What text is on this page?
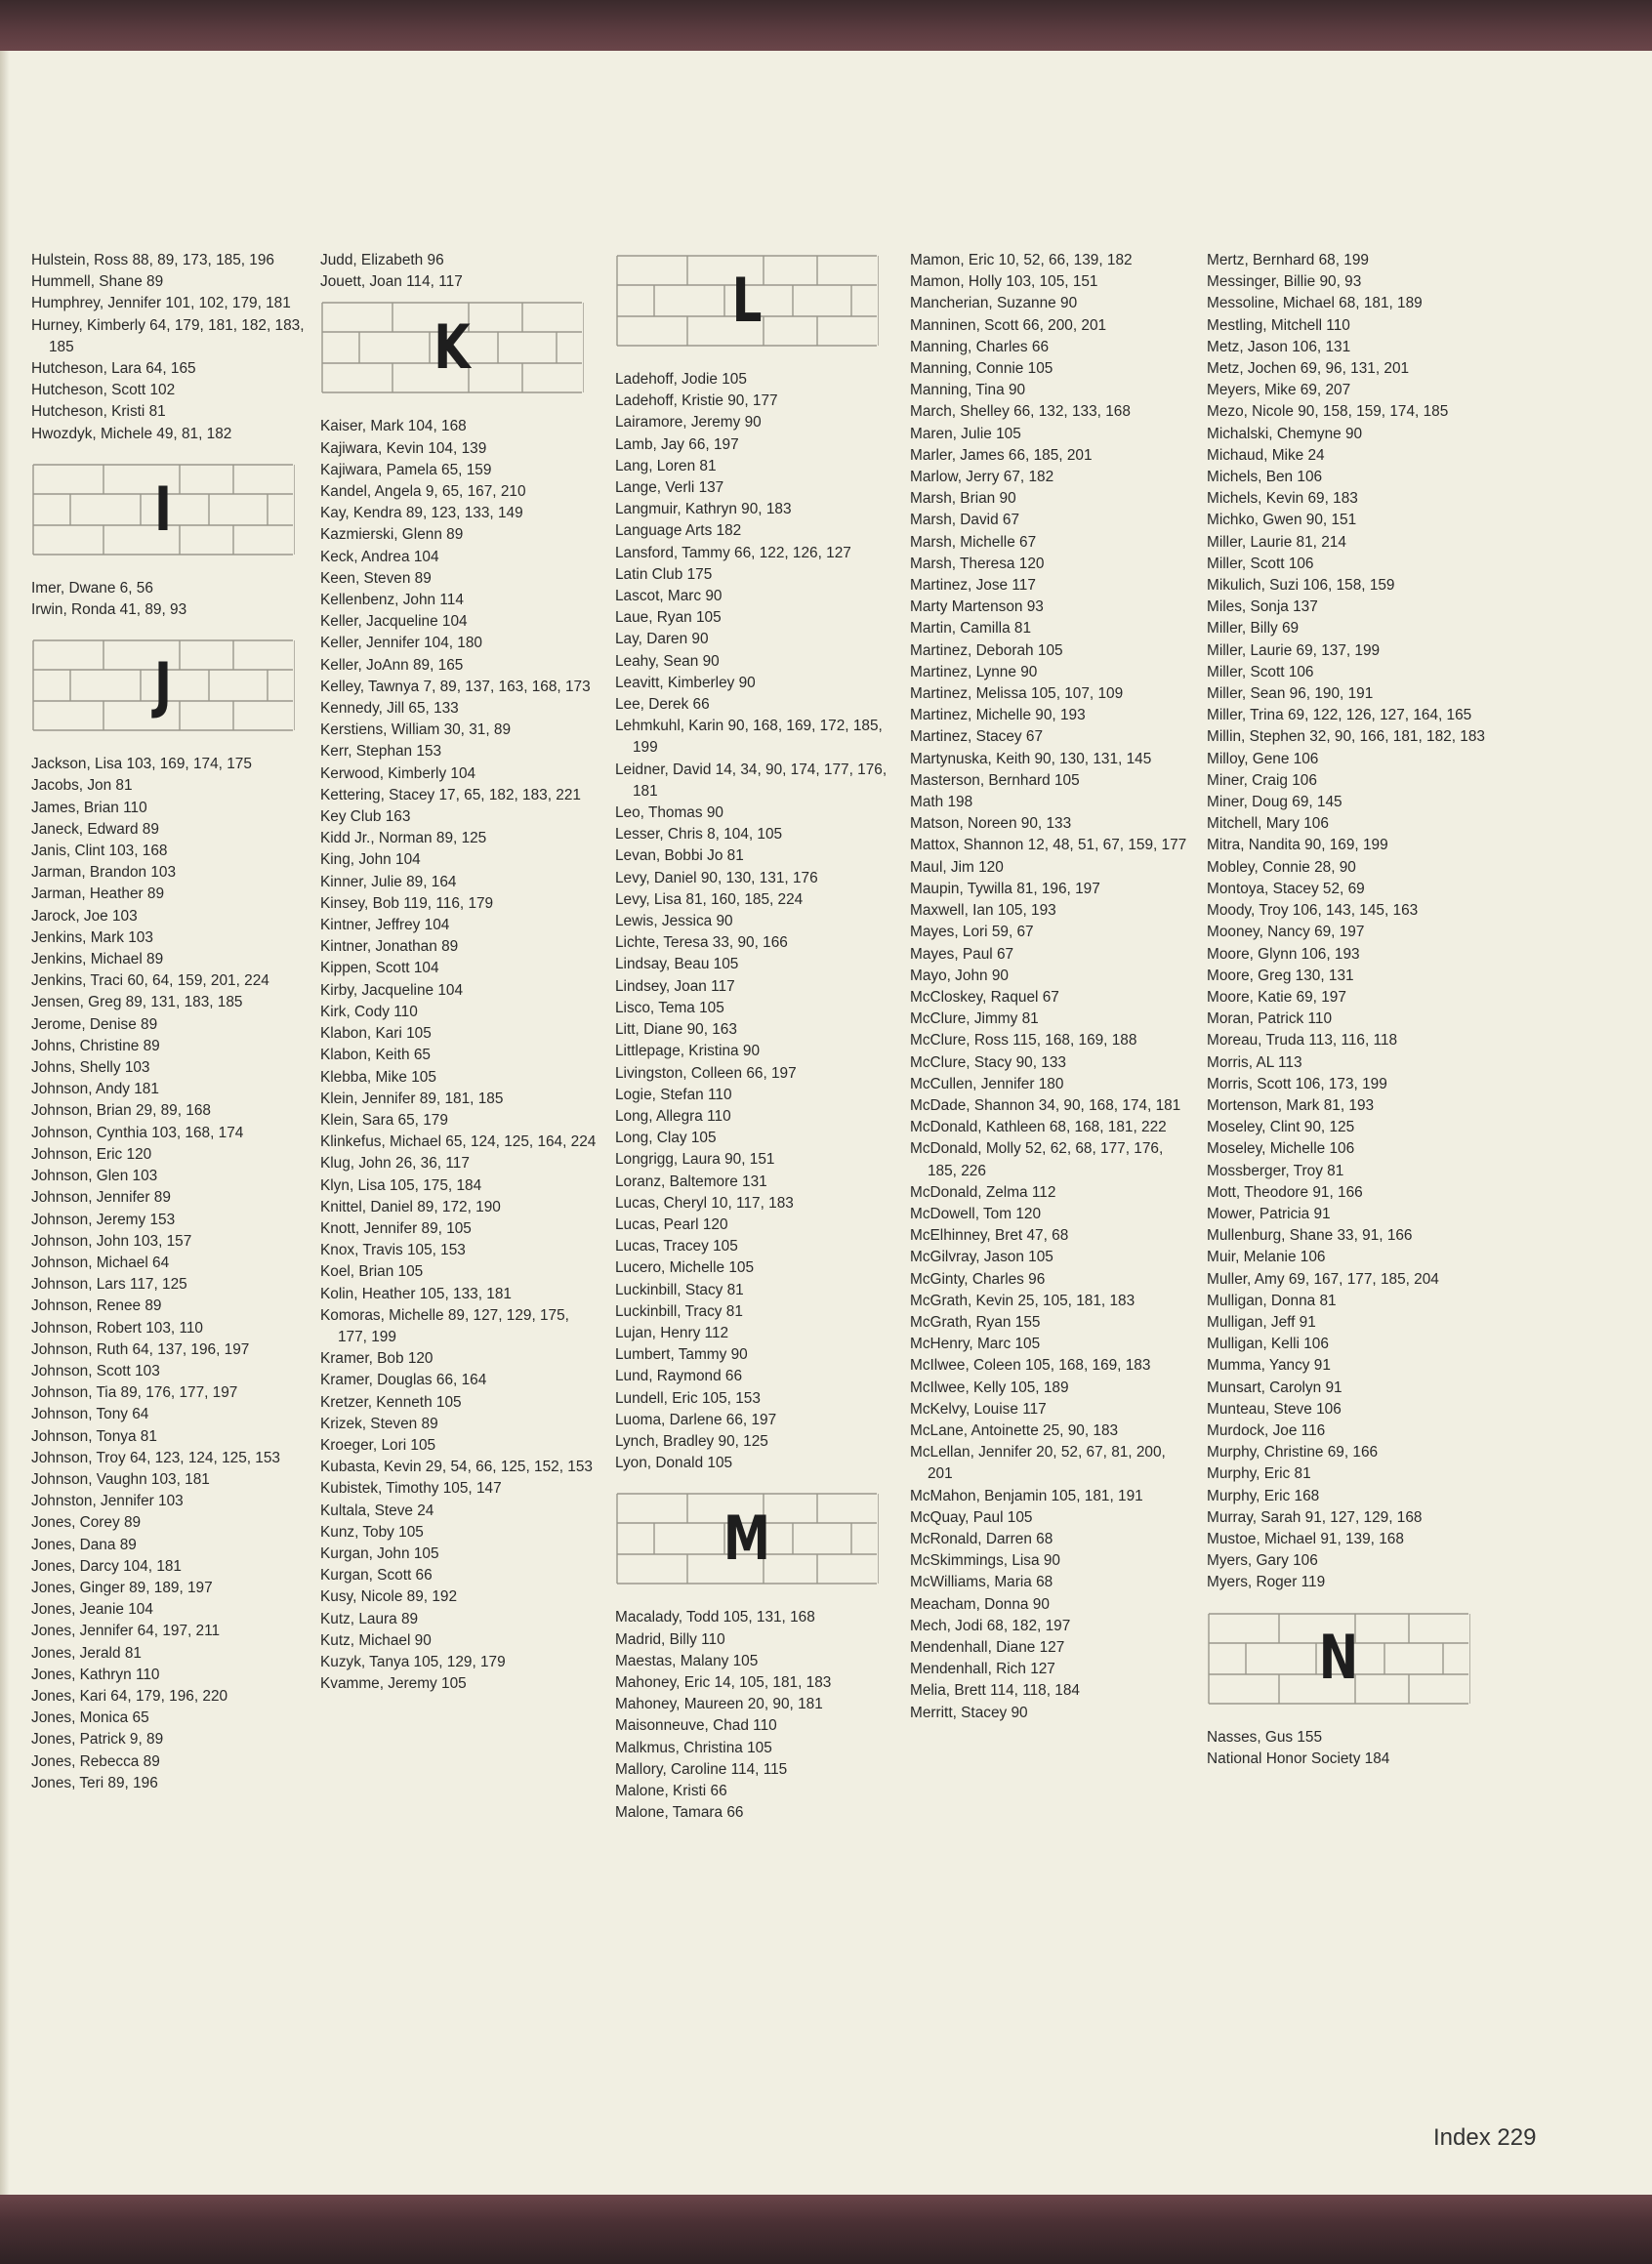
Hulstein, Ross 88, 89, 173, 185, 196
Hummell, Shane 89
Humphrey, Jennifer 101, 102, 179, 181
Hurney, Kimberly 64, 179, 181, 182, 183, 185
Hutcheson, Lara 64, 165
Hutcheson, Scott 102
Hutcheson, Kristi 81
Hwozdyk, Michele 49, 81, 182
I
Imer, Dwane 6, 56
Irwin, Ronda 41, 89, 93
J
Jackson, Lisa 103, 169, 174, 175
Jacobs, Jon 81
James, Brian 110
Janeck, Edward 89
Janis, Clint 103, 168
Jarman, Brandon 103
Jarman, Heather 89
Jarock, Joe 103
Jenkins, Mark 103
Jenkins, Michael 89
Jenkins, Traci 60, 64, 159, 201, 224
Jensen, Greg 89, 131, 183, 185
Jerome, Denise 89
Johns, Christine 89
Johns, Shelly 103
Johnson, Andy 181
Johnson, Brian 29, 89, 168
Johnson, Cynthia 103, 168, 174
Johnson, Eric 120
Johnson, Glen 103
Johnson, Jennifer 89
Johnson, Jeremy 153
Johnson, John 103, 157
Johnson, Michael 64
Johnson, Lars 117, 125
Johnson, Renee 89
Johnson, Robert 103, 110
Johnson, Ruth 64, 137, 196, 197
Johnson, Scott 103
Johnson, Tia 89, 176, 177, 197
Johnson, Tony 64
Johnson, Tonya 81
Johnson, Troy 64, 123, 124, 125, 153
Johnson, Vaughn 103, 181
Johnston, Jennifer 103
Jones, Corey 89
Jones, Dana 89
Jones, Darcy 104, 181
Jones, Ginger 89, 189, 197
Jones, Jeanie 104
Jones, Jennifer 64, 197, 211
Jones, Jerald 81
Jones, Kathryn 110
Jones, Kari 64, 179, 196, 220
Jones, Monica 65
Jones, Patrick 9, 89
Jones, Rebecca 89
Jones, Teri 89, 196
Judd, Elizabeth 96
Jouett, Joan 114, 117
K
Kaiser, Mark 104, 168
Kajiwara, Kevin 104, 139
Kajiwara, Pamela 65, 159
Kandel, Angela 9, 65, 167, 210
Kay, Kendra 89, 123, 133, 149
Kazmierski, Glenn 89
Keck, Andrea 104
Keen, Steven 89
Kellenbenz, John 114
Keller, Jacqueline 104
Keller, Jennifer 104, 180
Keller, JoAnn 89, 165
Kelley, Tawnya 7, 89, 137, 163, 168, 173
Kennedy, Jill 65, 133
Kerstiens, William 30, 31, 89
Kerr, Stephan 153
Kerwood, Kimberly 104
Kettering, Stacey 17, 65, 182, 183, 221
Key Club 163
Kidd Jr., Norman 89, 125
King, John 104
Kinner, Julie 89, 164
Kinsey, Bob 119, 116, 179
Kintner, Jeffrey 104
Kintner, Jonathan 89
Kippen, Scott 104
Kirby, Jacqueline 104
Kirk, Cody 110
Klabon, Kari 105
Klabon, Keith 65
Klebba, Mike 105
Klein, Jennifer 89, 181, 185
Klein, Sara 65, 179
Klinkefus, Michael 65, 124, 125, 164, 224
Klug, John 26, 36, 117
Klyn, Lisa 105, 175, 184
Knittel, Daniel 89, 172, 190
Knott, Jennifer 89, 105
Knox, Travis 105, 153
Koel, Brian 105
Kolin, Heather 105, 133, 181
Komoras, Michelle 89, 127, 129, 175, 177, 199
Kramer, Bob 120
Kramer, Douglas 66, 164
Kretzer, Kenneth 105
Krizek, Steven 89
Kroeger, Lori 105
Kubasta, Kevin 29, 54, 66, 125, 152, 153
Kubistek, Timothy 105, 147
Kultala, Steve 24
Kunz, Toby 105
Kurgan, John 105
Kurgan, Scott 66
Kusy, Nicole 89, 192
Kutz, Laura 89
Kutz, Michael 90
Kuzyk, Tanya 105, 129, 179
Kvamme, Jeremy 105
L
Ladehoff, Jodie 105
Ladehoff, Kristie 90, 177
Lairamore, Jeremy 90
Lamb, Jay 66, 197
Lang, Loren 81
Lange, Verli 137
Langmuir, Kathryn 90, 183
Language Arts 182
Lansford, Tammy 66, 122, 126, 127
Latin Club 175
Lascot, Marc 90
Laue, Ryan 105
Lay, Daren 90
Leahy, Sean 90
Leavitt, Kimberley 90
Lee, Derek 66
Lehmkuhl, Karin 90, 168, 169, 172, 185, 199
Leidner, David 14, 34, 90, 174, 177, 176, 181
Leo, Thomas 90
Lesser, Chris 8, 104, 105
Levan, Bobbi Jo 81
Levy, Daniel 90, 130, 131, 176
Levy, Lisa 81, 160, 185, 224
Lewis, Jessica 90
Lichte, Teresa 33, 90, 166
Lindsay, Beau 105
Lindsey, Joan 117
Lisco, Tema 105
Litt, Diane 90, 163
Littlepage, Kristina 90
Livingston, Colleen 66, 197
Logie, Stefan 110
Long, Allegra 110
Long, Clay 105
Longrigg, Laura 90, 151
Loranz, Baltemore 131
Lucas, Cheryl 10, 117, 183
Lucas, Pearl 120
Lucas, Tracey 105
Lucero, Michelle 105
Luckinbill, Stacy 81
Luckinbill, Tracy 81
Lujan, Henry 112
Lumbert, Tammy 90
Lund, Raymond 66
Lundell, Eric 105, 153
Luoma, Darlene 66, 197
Lynch, Bradley 90, 125
Lyon, Donald 105
M
Macalady, Todd 105, 131, 168
Madrid, Billy 110
Maestas, Malany 105
Mahoney, Eric 14, 105, 181, 183
Mahoney, Maureen 20, 90, 181
Maisonneuve, Chad 110
Malkmus, Christina 105
Mallory, Caroline 114, 115
Malone, Kristi 66
Malone, Tamara 66
Mamon, Eric 10, 52, 66, 139, 182
Mamon, Holly 103, 105, 151
Mancherian, Suzanne 90
Manninen, Scott 66, 200, 201
Manning, Charles 66
Manning, Connie 105
Manning, Tina 90
March, Shelley 66, 132, 133, 168
Maren, Julie 105
Marler, James 66, 185, 201
Marlow, Jerry 67, 182
Marsh, Brian 90
Marsh, David 67
Marsh, Michelle 67
Marsh, Theresa 120
Martinez, Jose 117
Marty Martenson 93
Martin, Camilla 81
Martinez, Deborah 105
Martinez, Lynne 90
Martinez, Melissa 105, 107, 109
Martinez, Michelle 90, 193
Martinez, Stacey 67
Martynuska, Keith 90, 130, 131, 145
Masterson, Bernhard 105
Math 198
Matson, Noreen 90, 133
Mattox, Shannon 12, 48, 51, 67, 159, 177
Maul, Jim 120
Maupin, Tywilla 81, 196, 197
Maxwell, Ian 105, 193
Mayes, Lori 59, 67
Mayes, Paul 67
Mayo, John 90
McCloskey, Raquel 67
McClure, Jimmy 81
McClure, Ross 115, 168, 169, 188
McClure, Stacy 90, 133
McCullen, Jennifer 180
McDade, Shannon 34, 90, 168, 174, 181
McDonald, Kathleen 68, 168, 181, 222
McDonald, Molly 52, 62, 68, 177, 176, 185, 226
McDonald, Zelma 112
McDowell, Tom 120
McElhinney, Bret 47, 68
McGilvray, Jason 105
McGinty, Charles 96
McGrath, Kevin 25, 105, 181, 183
McGrath, Ryan 155
McHenry, Marc 105
McIlwee, Coleen 105, 168, 169, 183
McIlwee, Kelly 105, 189
McKelvy, Louise 117
McLane, Antoinette 25, 90, 183
McLellan, Jennifer 20, 52, 67, 81, 200, 201
McMahon, Benjamin 105, 181, 191
McQuay, Paul 105
McRonald, Darren 68
McSkimmings, Lisa 90
McWilliams, Maria 68
Meacham, Donna 90
Mech, Jodi 68, 182, 197
Mendenhall, Diane 127
Mendenhall, Rich 127
Melia, Brett 114, 118, 184
Merritt, Stacey 90
Mertz, Bernhard 68, 199
Messinger, Billie 90, 93
Messoline, Michael 68, 181, 189
Mestling, Mitchell 110
Metz, Jason 106, 131
Metz, Jochen 69, 96, 131, 201
Meyers, Mike 69, 207
Mezo, Nicole 90, 158, 159, 174, 185
Michalski, Chemyne 90
Michaud, Mike 24
Michels, Ben 106
Michels, Kevin 69, 183
Michko, Gwen 90, 151
Miller, Laurie 81, 214
Miller, Scott 106
Mikulich, Suzi 106, 158, 159
Miles, Sonja 137
Miller, Billy 69
Miller, Laurie 69, 137, 199
Miller, Scott 106
Miller, Sean 96, 190, 191
Miller, Trina 69, 122, 126, 127, 164, 165
Millin, Stephen 32, 90, 166, 181, 182, 183
Milloy, Gene 106
Miner, Craig 106
Miner, Doug 69, 145
Mitchell, Mary 106
Mitra, Nandita 90, 169, 199
Mobley, Connie 28, 90
Montoya, Stacey 52, 69
Moody, Troy 106, 143, 145, 163
Mooney, Nancy 69, 197
Moore, Glynn 106, 193
Moore, Greg 130, 131
Moore, Katie 69, 197
Moran, Patrick 110
Moreau, Truda 113, 116, 118
Morris, AL 113
Morris, Scott 106, 173, 199
Mortenson, Mark 81, 193
Moseley, Clint 90, 125
Moseley, Michelle 106
Mossberger, Troy 81
Mott, Theodore 91, 166
Mower, Patricia 91
Mullenburg, Shane 33, 91, 166
Muir, Melanie 106
Muller, Amy 69, 167, 177, 185, 204
Mulligan, Donna 81
Mulligan, Jeff 91
Mulligan, Kelli 106
Mumma, Yancy 91
Munsart, Carolyn 91
Munteau, Steve 106
Murdock, Joe 116
Murphy, Christine 69, 166
Murphy, Eric 81
Murphy, Eric 168
Murray, Sarah 91, 127, 129, 168
Mustoe, Michael 91, 139, 168
Myers, Gary 106
Myers, Roger 119
N
Nasses, Gus 155
National Honor Society 184
Index 229
